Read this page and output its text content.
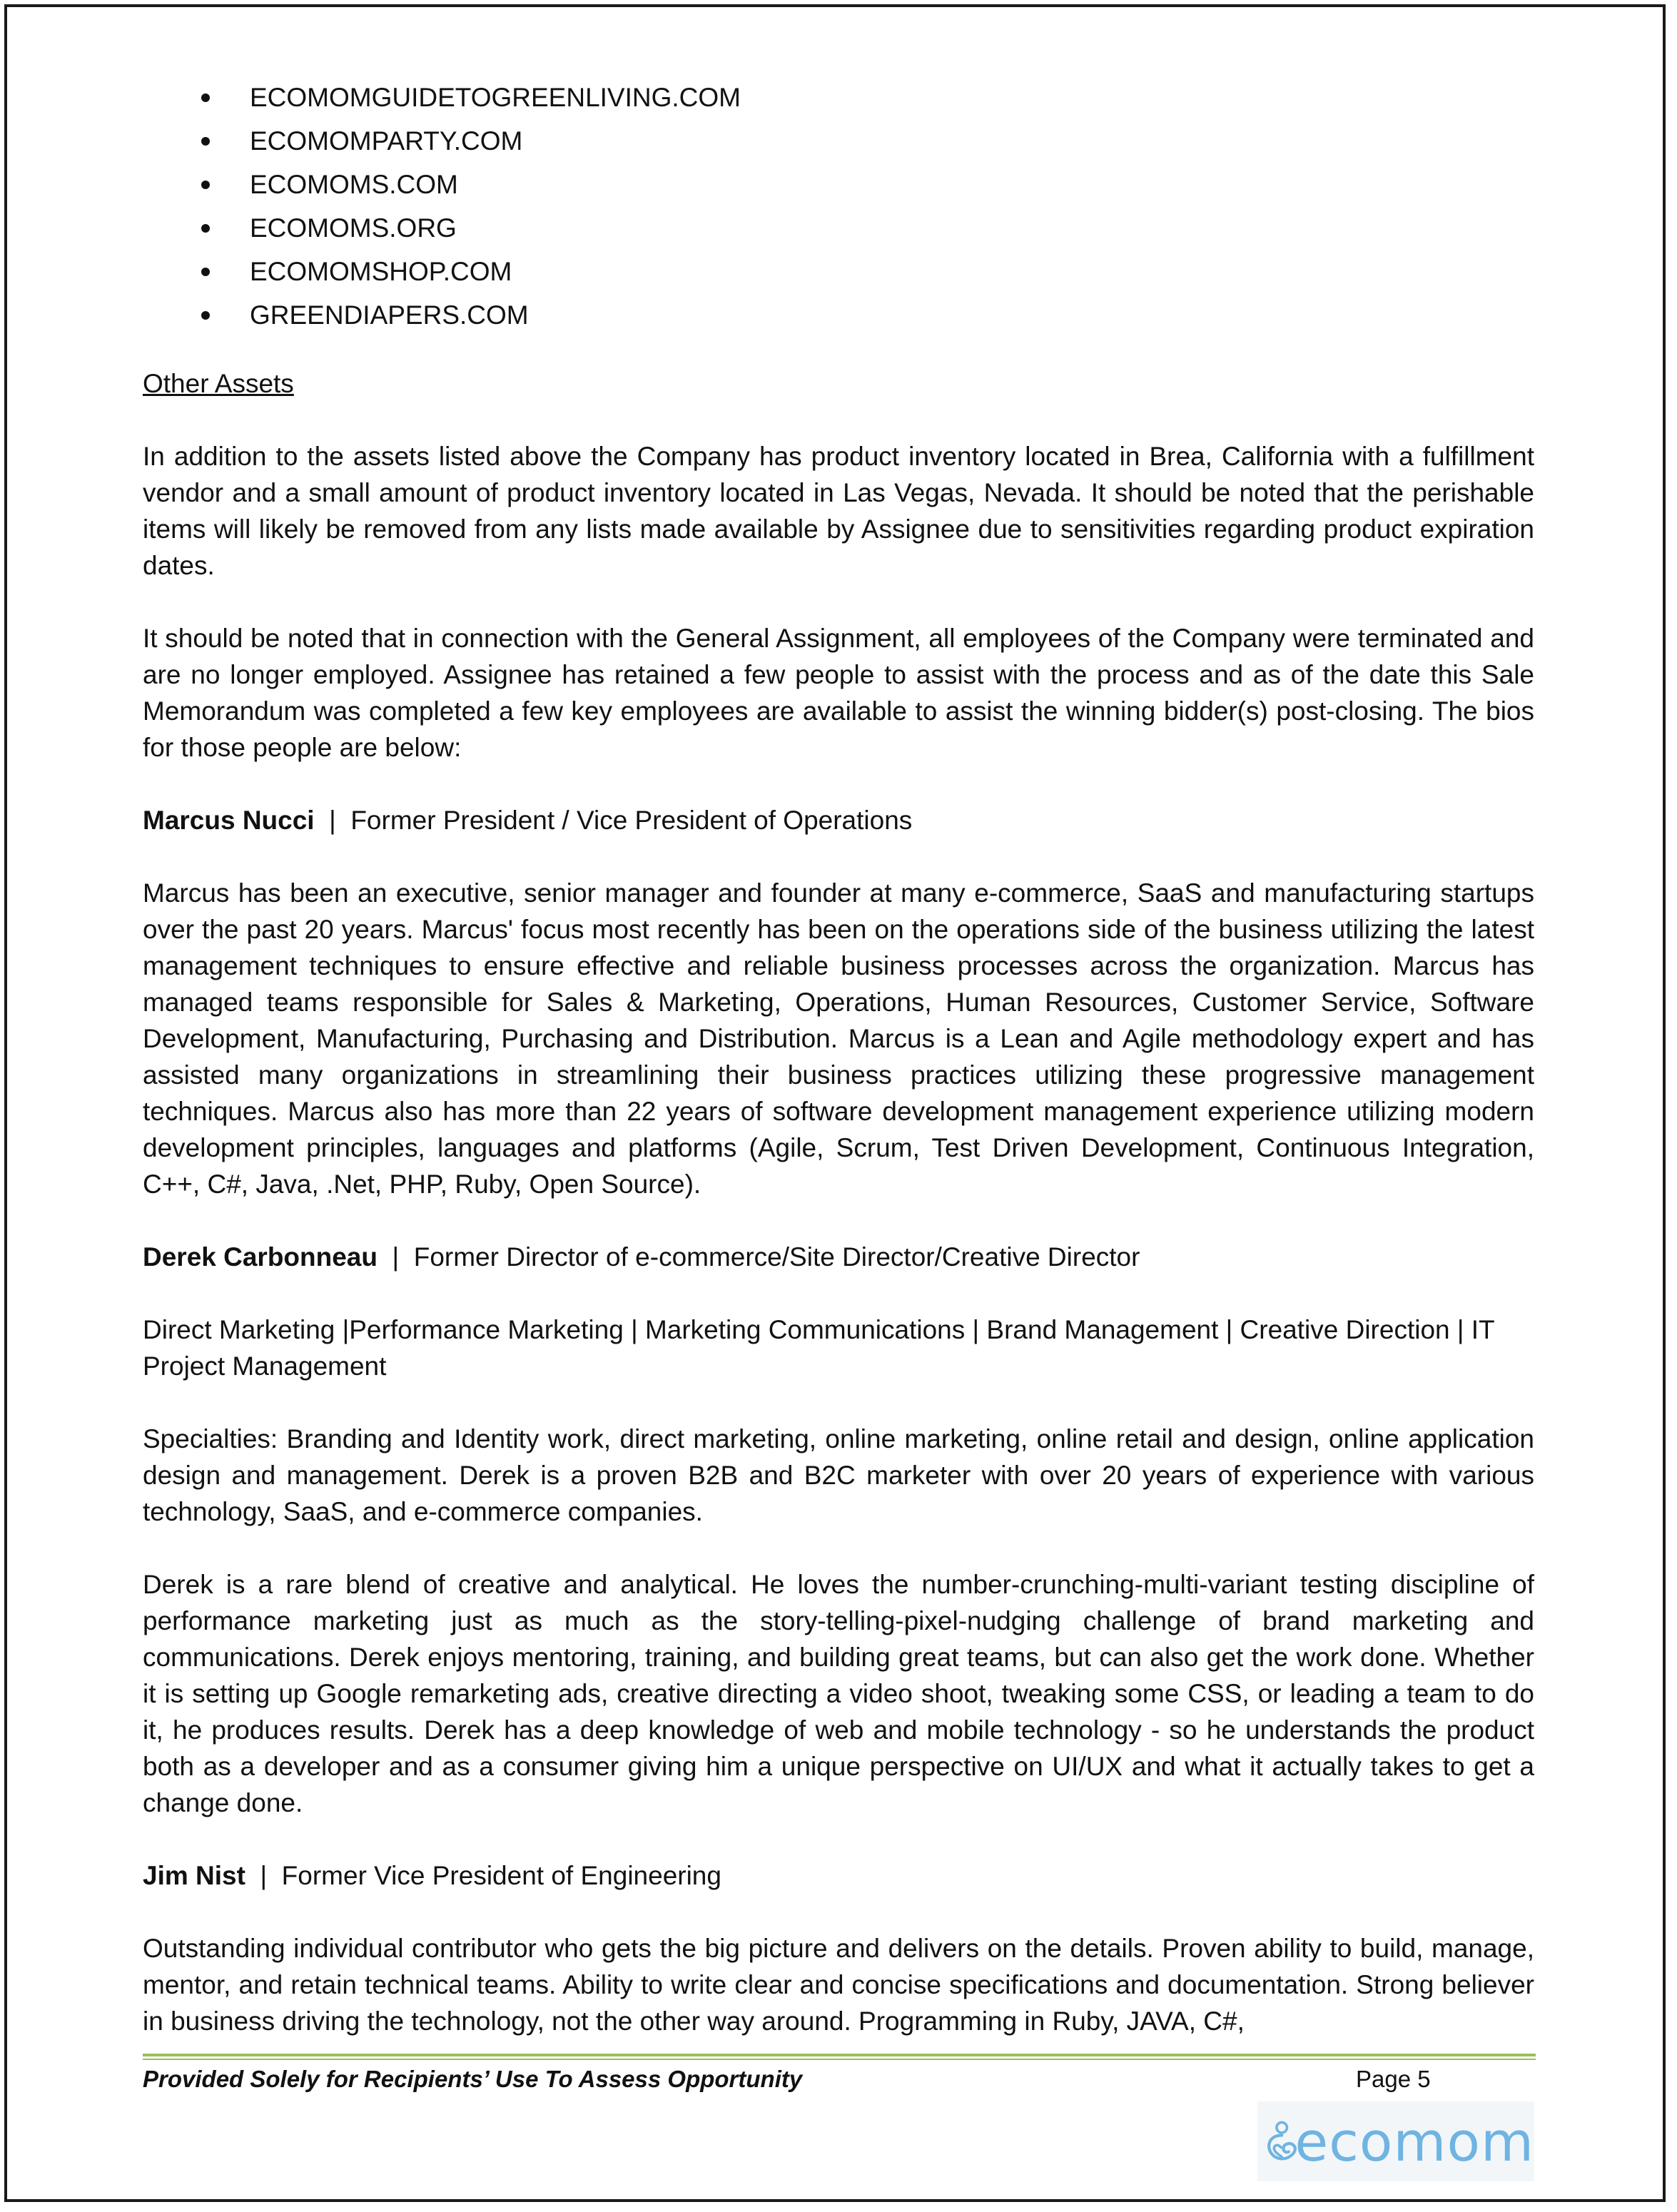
ECOMOMGUIDETOGREENLIVING.COM
ECOMOMPARTY.COM
ECOMOMS.COM
ECOMOMS.ORG
ECOMOMSHOP.COM
GREENDIAPERS.COM

Other Assets

In addition to the assets listed above the Company has product inventory located in Brea, California with a fulfillment vendor and a small amount of product inventory located in Las Vegas, Nevada. It should be noted that the perishable items will likely be removed from any lists made available by Assignee due to sensitivities regarding product expiration dates.

It should be noted that in connection with the General Assignment, all employees of the Company were terminated and are no longer employed. Assignee has retained a few people to assist with the process and as of the date this Sale Memorandum was completed a few key employees are available to assist the winning bidder(s) post-closing. The bios for those people are below:

Marcus Nucci  |  Former President / Vice President of Operations

Marcus has been an executive, senior manager and founder at many e-commerce, SaaS and manufacturing startups over the past 20 years. Marcus' focus most recently has been on the operations side of the business utilizing the latest management techniques to ensure effective and reliable business processes across the organization. Marcus has managed teams responsible for Sales & Marketing, Operations, Human Resources, Customer Service, Software Development, Manufacturing, Purchasing and Distribution. Marcus is a Lean and Agile methodology expert and has assisted many organizations in streamlining their business practices utilizing these progressive management techniques. Marcus also has more than 22 years of software development management experience utilizing modern development principles, languages and platforms (Agile, Scrum, Test Driven Development, Continuous Integration, C++, C#, Java, .Net, PHP, Ruby, Open Source).

Derek Carbonneau  |  Former Director of e-commerce/Site Director/Creative Director

Direct Marketing |Performance Marketing | Marketing Communications | Brand Management | Creative Direction | IT Project Management

Specialties: Branding and Identity work, direct marketing, online marketing, online retail and design, online application design and management. Derek is a proven B2B and B2C marketer with over 20 years of experience with various technology, SaaS, and e-commerce companies.

Derek is a rare blend of creative and analytical. He loves the number-crunching-multi-variant testing discipline of performance marketing just as much as the story-telling-pixel-nudging challenge of brand marketing and communications. Derek enjoys mentoring, training, and building great teams, but can also get the work done. Whether it is setting up Google remarketing ads, creative directing a video shoot, tweaking some CSS, or leading a team to do it, he produces results. Derek has a deep knowledge of web and mobile technology - so he understands the product both as a developer and as a consumer giving him a unique perspective on UI/UX and what it actually takes to get a change done.

Jim Nist  |  Former Vice President of Engineering

Outstanding individual contributor who gets the big picture and delivers on the details. Proven ability to build, manage, mentor, and retain technical teams. Ability to write clear and concise specifications and documentation. Strong believer in business driving the technology, not the other way around. Programming in Ruby, JAVA, C#,

Provided Solely for Recipients’ Use To Assess Opportunity	Page 5
ecomom
